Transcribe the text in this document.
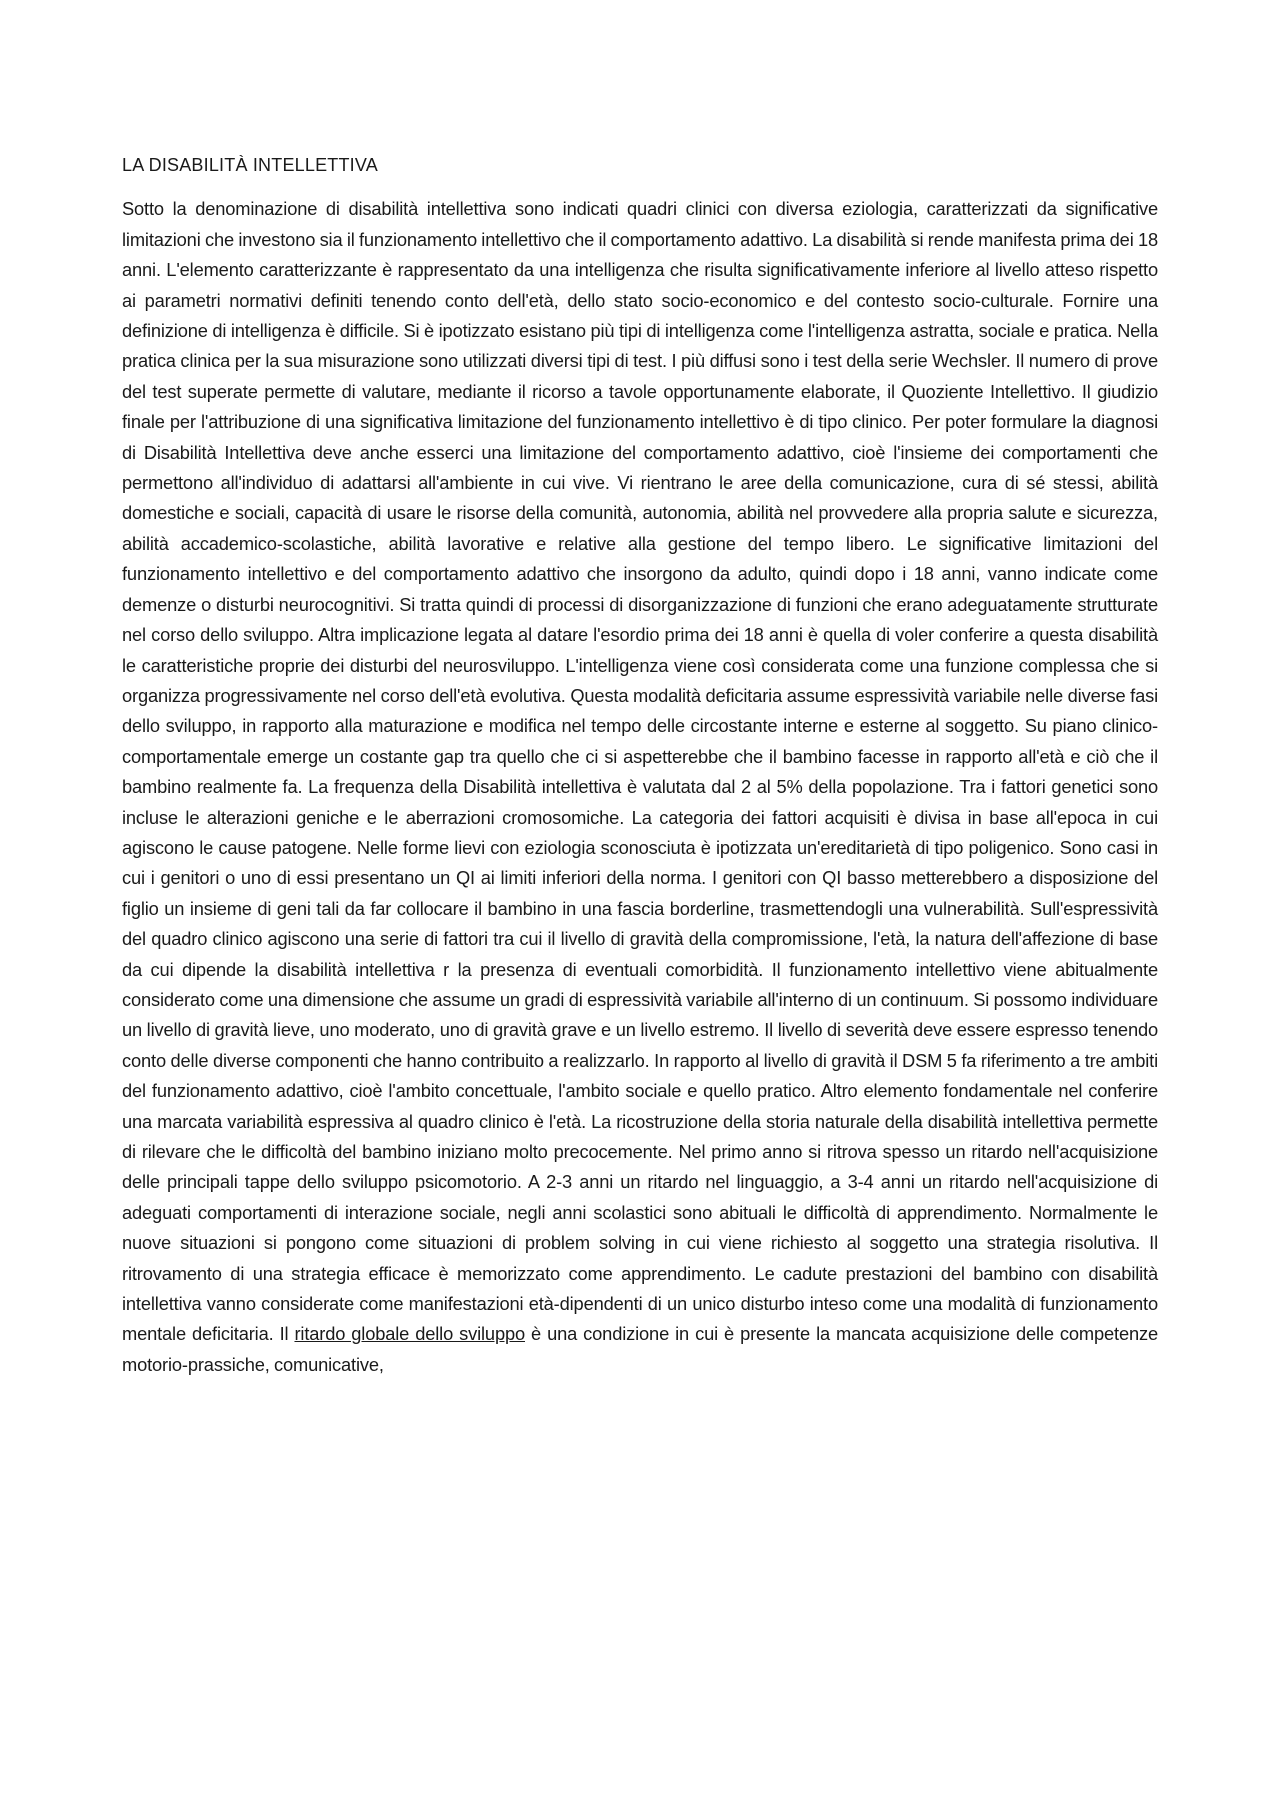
LA DISABILITÀ INTELLETTIVA

Sotto la denominazione di disabilità intellettiva sono indicati quadri clinici con diversa eziologia, caratterizzati da significative limitazioni che investono sia il funzionamento intellettivo che il comportamento adattivo. La disabilità si rende manifesta prima dei 18 anni. L'elemento caratterizzante è rappresentato da una intelligenza che risulta significativamente inferiore al livello atteso rispetto ai parametri normativi definiti tenendo conto dell'età, dello stato socio-economico e del contesto socio-culturale. Fornire una definizione di intelligenza è difficile. Si è ipotizzato esistano più tipi di intelligenza come l'intelligenza astratta, sociale e pratica. Nella pratica clinica per la sua misurazione sono utilizzati diversi tipi di test. I più diffusi sono i test della serie Wechsler. Il numero di prove del test superate permette di valutare, mediante il ricorso a tavole opportunamente elaborate, il Quoziente Intellettivo. Il giudizio finale per l'attribuzione di una significativa limitazione del funzionamento intellettivo è di tipo clinico. Per poter formulare la diagnosi di Disabilità Intellettiva deve anche esserci una limitazione del comportamento adattivo, cioè l'insieme dei comportamenti che permettono all'individuo di adattarsi all'ambiente in cui vive. Vi rientrano le aree della comunicazione, cura di sé stessi, abilità domestiche e sociali, capacità di usare le risorse della comunità, autonomia, abilità nel provvedere alla propria salute e sicurezza, abilità accademico-scolastiche, abilità lavorative e relative alla gestione del tempo libero. Le significative limitazioni del funzionamento intellettivo e del comportamento adattivo che insorgono da adulto, quindi dopo i 18 anni, vanno indicate come demenze o disturbi neurocognitivi. Si tratta quindi di processi di disorganizzazione di funzioni che erano adeguatamente strutturate nel corso dello sviluppo. Altra implicazione legata al datare l'esordio prima dei 18 anni è quella di voler conferire a questa disabilità le caratteristiche proprie dei disturbi del neurosviluppo. L'intelligenza viene così considerata come una funzione complessa che si organizza progressivamente nel corso dell'età evolutiva. Questa modalità deficitaria assume espressività variabile nelle diverse fasi dello sviluppo, in rapporto alla maturazione e modifica nel tempo delle circostante interne e esterne al soggetto. Su piano clinico-comportamentale emerge un costante gap tra quello che ci si aspetterebbe che il bambino facesse in rapporto all'età e ciò che il bambino realmente fa. La frequenza della Disabilità intellettiva è valutata dal 2 al 5% della popolazione. Tra i fattori genetici sono incluse le alterazioni geniche e le aberrazioni cromosomiche. La categoria dei fattori acquisiti è divisa in base all'epoca in cui agiscono le cause patogene. Nelle forme lievi con eziologia sconosciuta è ipotizzata un'ereditarietà di tipo poligenico. Sono casi in cui i genitori o uno di essi presentano un QI ai limiti inferiori della norma. I genitori con QI basso metterebbero a disposizione del figlio un insieme di geni tali da far collocare il bambino in una fascia borderline, trasmettendogli una vulnerabilità. Sull'espressività del quadro clinico agiscono una serie di fattori tra cui il livello di gravità della compromissione, l'età, la natura dell'affezione di base da cui dipende la disabilità intellettiva r la presenza di eventuali comorbidità. Il funzionamento intellettivo viene abitualmente considerato come una dimensione che assume un gradi di espressività variabile all'interno di un continuum. Si possomo individuare un livello di gravità lieve, uno moderato, uno di gravità grave e un livello estremo. Il livello di severità deve essere espresso tenendo conto delle diverse componenti che hanno contribuito a realizzarlo. In rapporto al livello di gravità il DSM 5 fa riferimento a tre ambiti del funzionamento adattivo, cioè l'ambito concettuale, l'ambito sociale e quello pratico. Altro elemento fondamentale nel conferire una marcata variabilità espressiva al quadro clinico è l'età. La ricostruzione della storia naturale della disabilità intellettiva permette di rilevare che le difficoltà del bambino iniziano molto precocemente. Nel primo anno si ritrova spesso un ritardo nell'acquisizione delle principali tappe dello sviluppo psicomotorio. A 2-3 anni un ritardo nel linguaggio, a 3-4 anni un ritardo nell'acquisizione di adeguati comportamenti di interazione sociale, negli anni scolastici sono abituali le difficoltà di apprendimento. Normalmente le nuove situazioni si pongono come situazioni di problem solving in cui viene richiesto al soggetto una strategia risolutiva. Il ritrovamento di una strategia efficace è memorizzato come apprendimento. Le cadute prestazioni del bambino con disabilità intellettiva vanno considerate come manifestazioni età-dipendenti di un unico disturbo inteso come una modalità di funzionamento mentale deficitaria. Il ritardo globale dello sviluppo è una condizione in cui è presente la mancata acquisizione delle competenze motorio-prassiche, comunicative,
